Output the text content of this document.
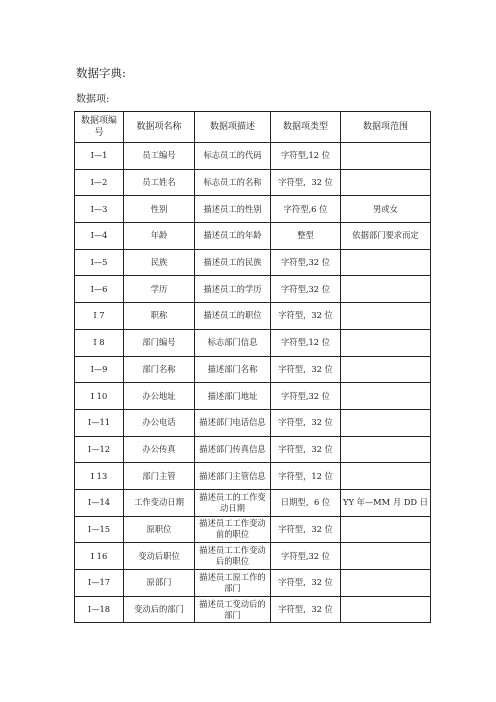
数据字典:
数据项:
数据项编号	数据项名称	数据项描述	数据项类型	数据项范围
I—1	员工编号	标志员工的代码	字符型,12 位	
I—2	员工姓名	标志员工的名称	字符型，32 位	
I—3	性别	描述员工的性别	字符型,6 位	男或女
I—4	年龄	描述员工的年龄	整型	依据部门要求而定
I—5	民族	描述员工的民族	字符型,32 位	
I—6	学历	描述员工的学历	字符型,32 位	
I 7	职称	描述员工的职位	字符型，32 位	
I 8	部门编号	标志部门信息	字符型,12 位	
I—9	部门名称	描述部门名称	字符型，32 位	
I 10	办公地址	描述部门地址	字符型,32 位	
I—11	办公电话	描述部门电话信息	字符型，32 位	
I—12	办公传真	描述部门传真信息	字符型，32 位	
I 13	部门主管	描述部门主管信息	字符型，12 位	
I—14	工作变动日期	描述员工的工作变动日期	日期型，6 位	YY 年—MM 月 DD 日
I—15	原职位	描述员工工作变动前的职位	字符型，32 位	
I 16	变动后职位	描述员工工作变动后的职位	字符型,32 位	
I—17	原部门	描述员工原工作的部门	字符型，32 位	
I—18	变动后的部门	描述员工变动后的部门	字符型，32 位	
